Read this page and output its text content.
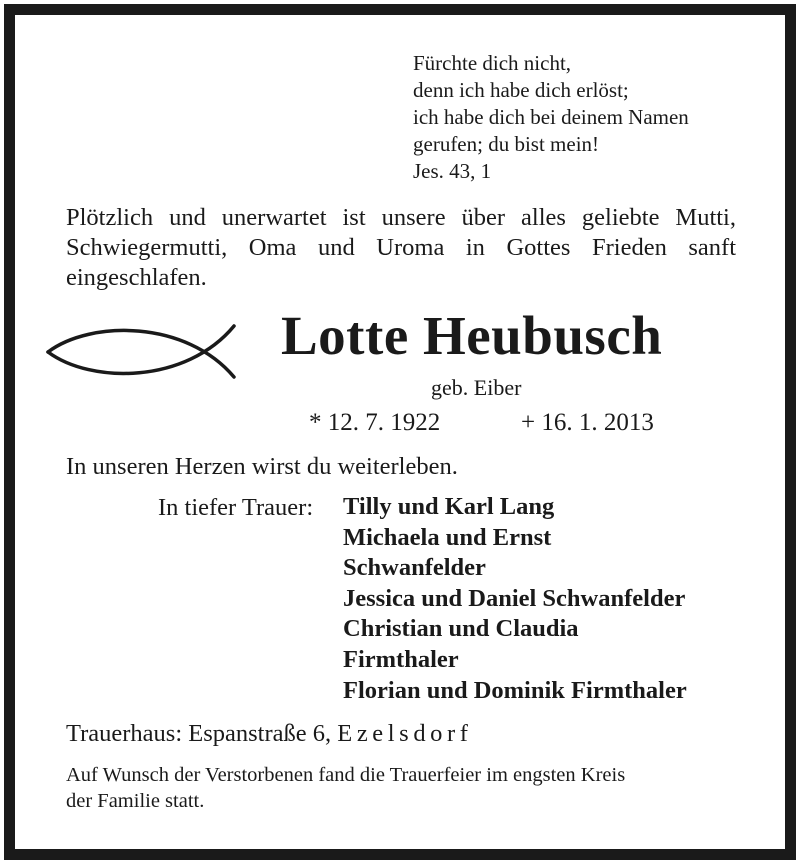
Fürchte dich nicht,
denn ich habe dich erlöst;
ich habe dich bei deinem Namen
gerufen; du bist mein!
Jes. 43, 1
Plötzlich und unerwartet ist unsere über alles geliebte Mutti, Schwiegermutti, Oma und Uroma in Gottes Frieden sanft eingeschlafen.
Lotte Heubusch
geb. Eiber
* 12. 7. 1922	+ 16. 1. 2013
In unseren Herzen wirst du weiterleben.
In tiefer Trauer: Tilly und Karl Lang
Michaela und Ernst
Schwanfelder
Jessica und Daniel Schwanfelder
Christian und Claudia
Firmthaler
Florian und Dominik Firmthaler
Trauerhaus: Espanstraße 6, Ezelsdorf
Auf Wunsch der Verstorbenen fand die Trauerfeier im engsten Kreis
der Familie statt.
